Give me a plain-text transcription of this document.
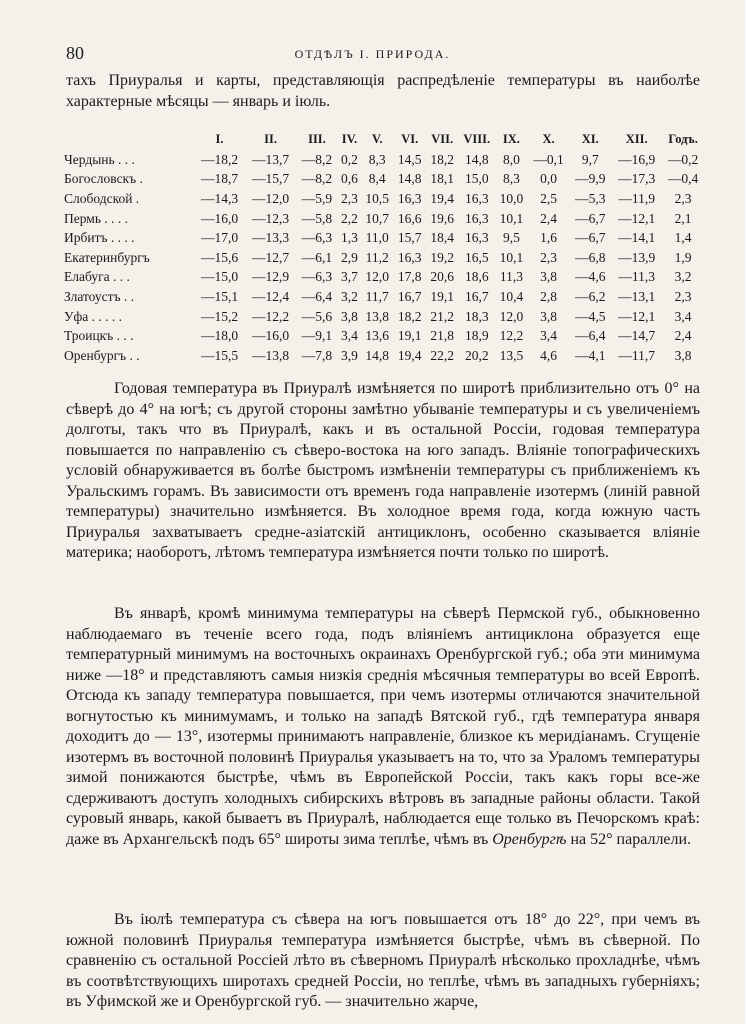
80	ОТДѢЛЪ I. ПРИРОДА.
тахъ Приуралья и карты, представляющія распредѣленіе температуры въ наиболѣе характерные мѣсяцы — январь и іюль.
	I.	II.	III.	IV.	V.	VI.	VII.	VIII.	IX.	X.	XI.	XII.	Годъ.
Чердынь . . .	—18,2	—13,7	—8,2	0,2	8,3	14,5	18,2	14,8	8,0	—0,1	9,7	—16,9	—0,2
Богословскъ .	—18,7	—15,7	—8,2	0,6	8,4	14,8	18,1	15,0	8,3	0,0	—9,9	—17,3	—0,4
Слободской .	—14,3	—12,0	—5,9	2,3	10,5	16,3	19,4	16,3	10,0	2,5	—5,3	—11,9	2,3
Пермь . . . .	—16,0	—12,3	—5,8	2,2	10,7	16,6	19,6	16,3	10,1	2,4	—6,7	—12,1	2,1
Ирбитъ . . . .	—17,0	—13,3	—6,3	1,3	11,0	15,7	18,4	16,3	9,5	1,6	—6,7	—14,1	1,4
Екатеринбургъ	—15,6	—12,7	—6,1	2,9	11,2	16,3	19,2	16,5	10,1	2,3	—6,8	—13,9	1,9
Елабуга . . .	—15,0	—12,9	—6,3	3,7	12,0	17,8	20,6	18,6	11,3	3,8	—4,6	—11,3	3,2
Златоустъ . .	—15,1	—12,4	—6,4	3,2	11,7	16,7	19,1	16,7	10,4	2,8	—6,2	—13,1	2,3
Уфа . . . . .	—15,2	—12,2	—5,6	3,8	13,8	18,2	21,2	18,3	12,0	3,8	—4,5	—12,1	3,4
Троицкъ . . .	—18,0	—16,0	—9,1	3,4	13,6	19,1	21,8	18,9	12,2	3,4	—6,4	—14,7	2,4
Оренбургъ . .	—15,5	—13,8	—7,8	3,9	14,8	19,4	22,2	20,2	13,5	4,6	—4,1	—11,7	3,8
Годовая температура въ Приуралѣ измѣняется по широтѣ приблизительно отъ 0° на сѣверѣ до 4° на югѣ; съ другой стороны замѣтно убываніе температуры и съ увеличеніемъ долготы, такъ что въ Приуралѣ, какъ и въ остальной Россіи, годовая температура повышается по направленію съ сѣверо-востока на юго западъ. Вліяніе топографическихъ условій обнаруживается въ болѣе быстромъ измѣненіи температуры съ приближеніемъ къ Уральскимъ горамъ. Въ зависимости отъ временъ года направленіе изотермъ (линій равной температуры) значительно измѣняется. Въ холодное время года, когда южную часть Приуралья захватываетъ средне-азіатскій антициклонъ, особенно сказывается вліяніе материка; наоборотъ, лѣтомъ температура измѣняется почти только по широтѣ.
Въ январѣ, кромѣ минимума температуры на сѣверѣ Пермской губ., обыкновенно наблюдаемаго въ теченіе всего года, подъ вліяніемъ антициклона образуется еще температурный минимумъ на восточныхъ окраинахъ Оренбургской губ.; оба эти минимума ниже —18° и представляютъ самыя низкія среднія мѣсячныя температуры во всей Европѣ. Отсюда къ западу температура повышается, при чемъ изотермы отличаются значительной вогнутостью къ минимумамъ, и только на западѣ Вятской губ., гдѣ температура января доходитъ до — 13°, изотермы принимаютъ направленіе, близкое къ меридіанамъ. Сгущеніе изотермъ въ восточной половинѣ Приуралья указываетъ на то, что за Ураломъ температуры зимой понижаются быстрѣе, чѣмъ въ Европейской Россіи, такъ какъ горы все-же сдерживаютъ доступъ холодныхъ сибирскихъ вѣтровъ въ западные районы области. Такой суровый январь, какой бываетъ въ Приуралѣ, наблюдается еще только въ Печорскомъ краѣ: даже въ Архангельскѣ подъ 65° широты зима теплѣе, чѣмъ въ Оренбургѣ на 52° параллели.
Въ іюлѣ температура съ сѣвера на югъ повышается отъ 18° до 22°, при чемъ въ южной половинѣ Приуралья температура измѣняется быстрѣе, чѣмъ въ сѣверной. По сравненію съ остальной Россіей лѣто въ сѣверномъ Приуралѣ нѣсколько прохладнѣе, чѣмъ въ соотвѣтствующихъ широтахъ средней Россіи, но теплѣе, чѣмъ въ западныхъ губерніяхъ; въ Уфимской же и Оренбургской губ. — значительно жарче,
